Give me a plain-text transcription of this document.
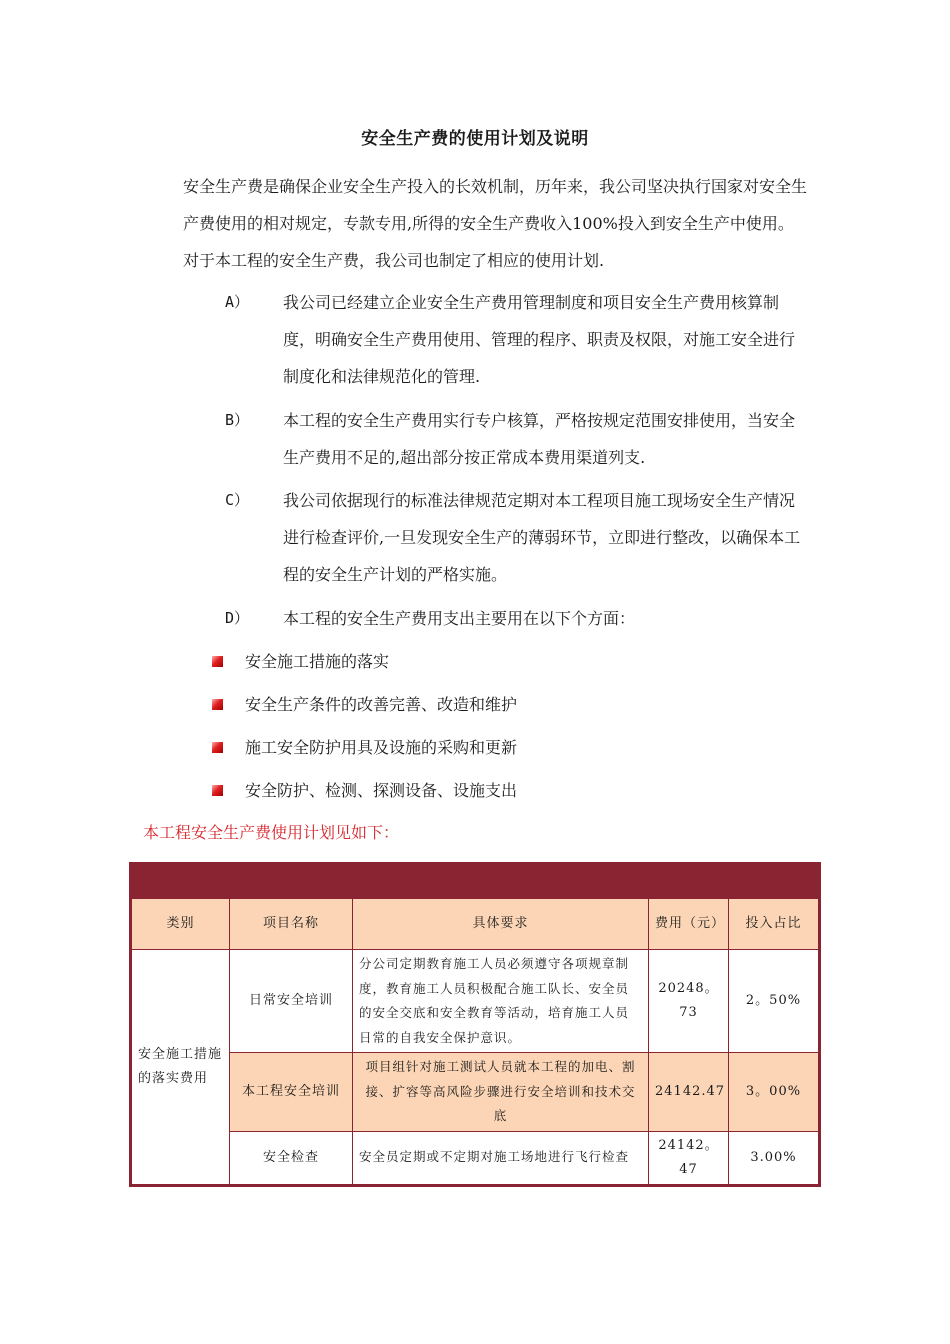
安全生产费的使用计划及说明
安全生产费是确保企业安全生产投入的长效机制，历年来，我公司坚决执行国家对安全生产费使用的相对规定，专款专用,所得的安全生产费收入100%投入到安全生产中使用。对于本工程的安全生产费，我公司也制定了相应的使用计划.
A） 我公司已经建立企业安全生产费用管理制度和项目安全生产费用核算制度，明确安全生产费用使用、管理的程序、职责及权限，对施工安全进行制度化和法律规范化的管理.
B） 本工程的安全生产费用实行专户核算，严格按规定范围安排使用，当安全生产费用不足的,超出部分按正常成本费用渠道列支.
C） 我公司依据现行的标准法律规范定期对本工程项目施工现场安全生产情况进行检查评价,一旦发现安全生产的薄弱环节，立即进行整改，以确保本工程的安全生产计划的严格实施。
D） 本工程的安全生产费用支出主要用在以下个方面：
安全施工措施的落实
安全生产条件的改善完善、改造和维护
施工安全防护用具及设施的采购和更新
安全防护、检测、探测设备、设施支出
本工程安全生产费使用计划见如下：
类别	项目名称	具体要求	费用（元）	投入占比
安全施工措施的落实费用	日常安全培训	分公司定期教育施工人员必须遵守各项规章制度，教育施工人员积极配合施工队长、安全员的安全交底和安全教育等活动，培育施工人员日常的自我安全保护意识。	20248。73	2。50%
	本工程安全培训	项目组针对施工测试人员就本工程的加电、割接、扩容等高风险步骤进行安全培训和技术交底	24142.47	3。00%
	安全检查	安全员定期或不定期对施工场地进行飞行检查	24142。47	3.00%
